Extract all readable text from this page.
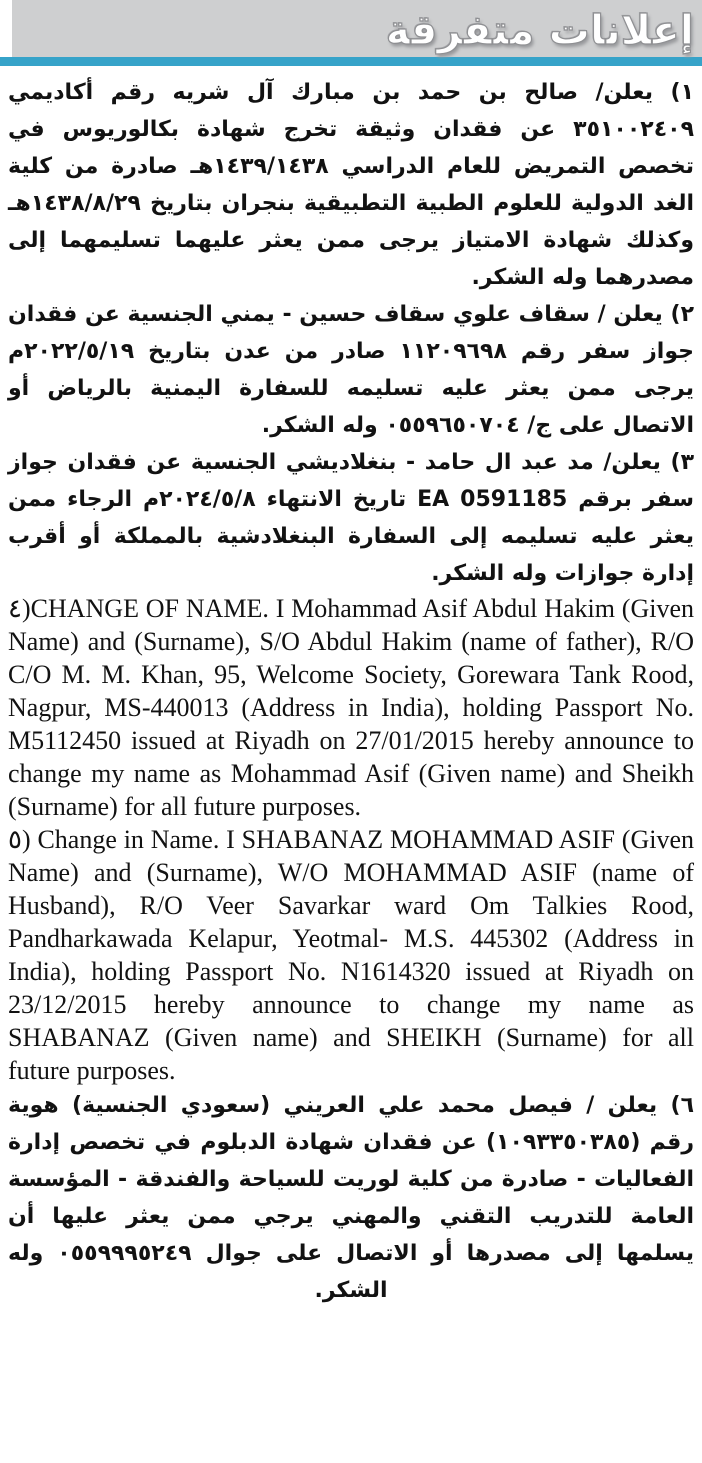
إعلانات متفرقة

١) يعلن/ صالح بن حمد بن مبارك آل شريه رقم أكاديمي ٣٥١٠٠٢٤٠٩ عن فقدان وثيقة تخرج شهادة بكالوريوس في تخصص التمريض للعام الدراسي ١٤٣٩/١٤٣٨هـ صادرة من كلية الغد الدولية للعلوم الطبية التطبيقية بنجران بتاريخ ١٤٣٨/٨/٢٩هـ وكذلك شهادة الامتياز يرجى ممن يعثر عليهما تسليمهما إلى مصدرهما وله الشكر.

٢) يعلن / سقاف علوي سقاف حسين - يمني الجنسية عن فقدان جواز سفر رقم ١١٢٠٩٦٩٨ صادر من عدن بتاريخ ٢٠٢٢/٥/١٩م يرجى ممن يعثر عليه تسليمه للسفارة اليمنية بالرياض أو الاتصال على ج/ ٠٥٥٩٦٥٠٧٠٤ وله الشكر.

٣) يعلن/ مد عبد ال حامد - بنغلاديشي الجنسية عن فقدان جواز سفر برقم EA 0591185 تاريخ الانتهاء ٢٠٢٤/٥/٨م الرجاء ممن يعثر عليه تسليمه إلى السفارة البنغلادشية بالمملكة أو أقرب إدارة جوازات وله الشكر.

٤)CHANGE OF NAME. I Mohammad Asif Abdul Hakim (Given Name) and (Surname), S/O Abdul Hakim (name of father), R/O C/O M. M. Khan, 95, Welcome Society, Gorewara Tank Rood, Nagpur, MS-440013 (Address in India), holding Passport No. M5112450 issued at Riyadh on 27/01/2015 hereby announce to change my name as Mohammad Asif (Given name) and Sheikh (Surname) for all future purposes.

٥) Change in Name. I SHABANAZ MOHAMMAD ASIF (Given Name) and (Surname), W/O MOHAMMAD ASIF (name of Husband), R/O Veer Savarkar ward Om Talkies Rood, Pandharkawada Kelapur, Yeotmal- M.S. 445302 (Address in India), holding Passport No. N1614320 issued at Riyadh on 23/12/2015 hereby announce to change my name as SHABANAZ (Given name) and SHEIKH (Surname) for all future purposes.

٦) يعلن / فيصل محمد علي العريني (سعودي الجنسية) هوية رقم (١٠٩٣٣٥٠٣٨٥) عن فقدان شهادة الدبلوم في تخصص إدارة الفعاليات - صادرة من كلية لوريت للسياحة والفندقة - المؤسسة العامة للتدريب التقني والمهني يرجي ممن يعثر عليها أن يسلمها إلى مصدرها أو الاتصال على جوال ٠٥٥٩٩٩٥٢٤٩ وله الشكر.
